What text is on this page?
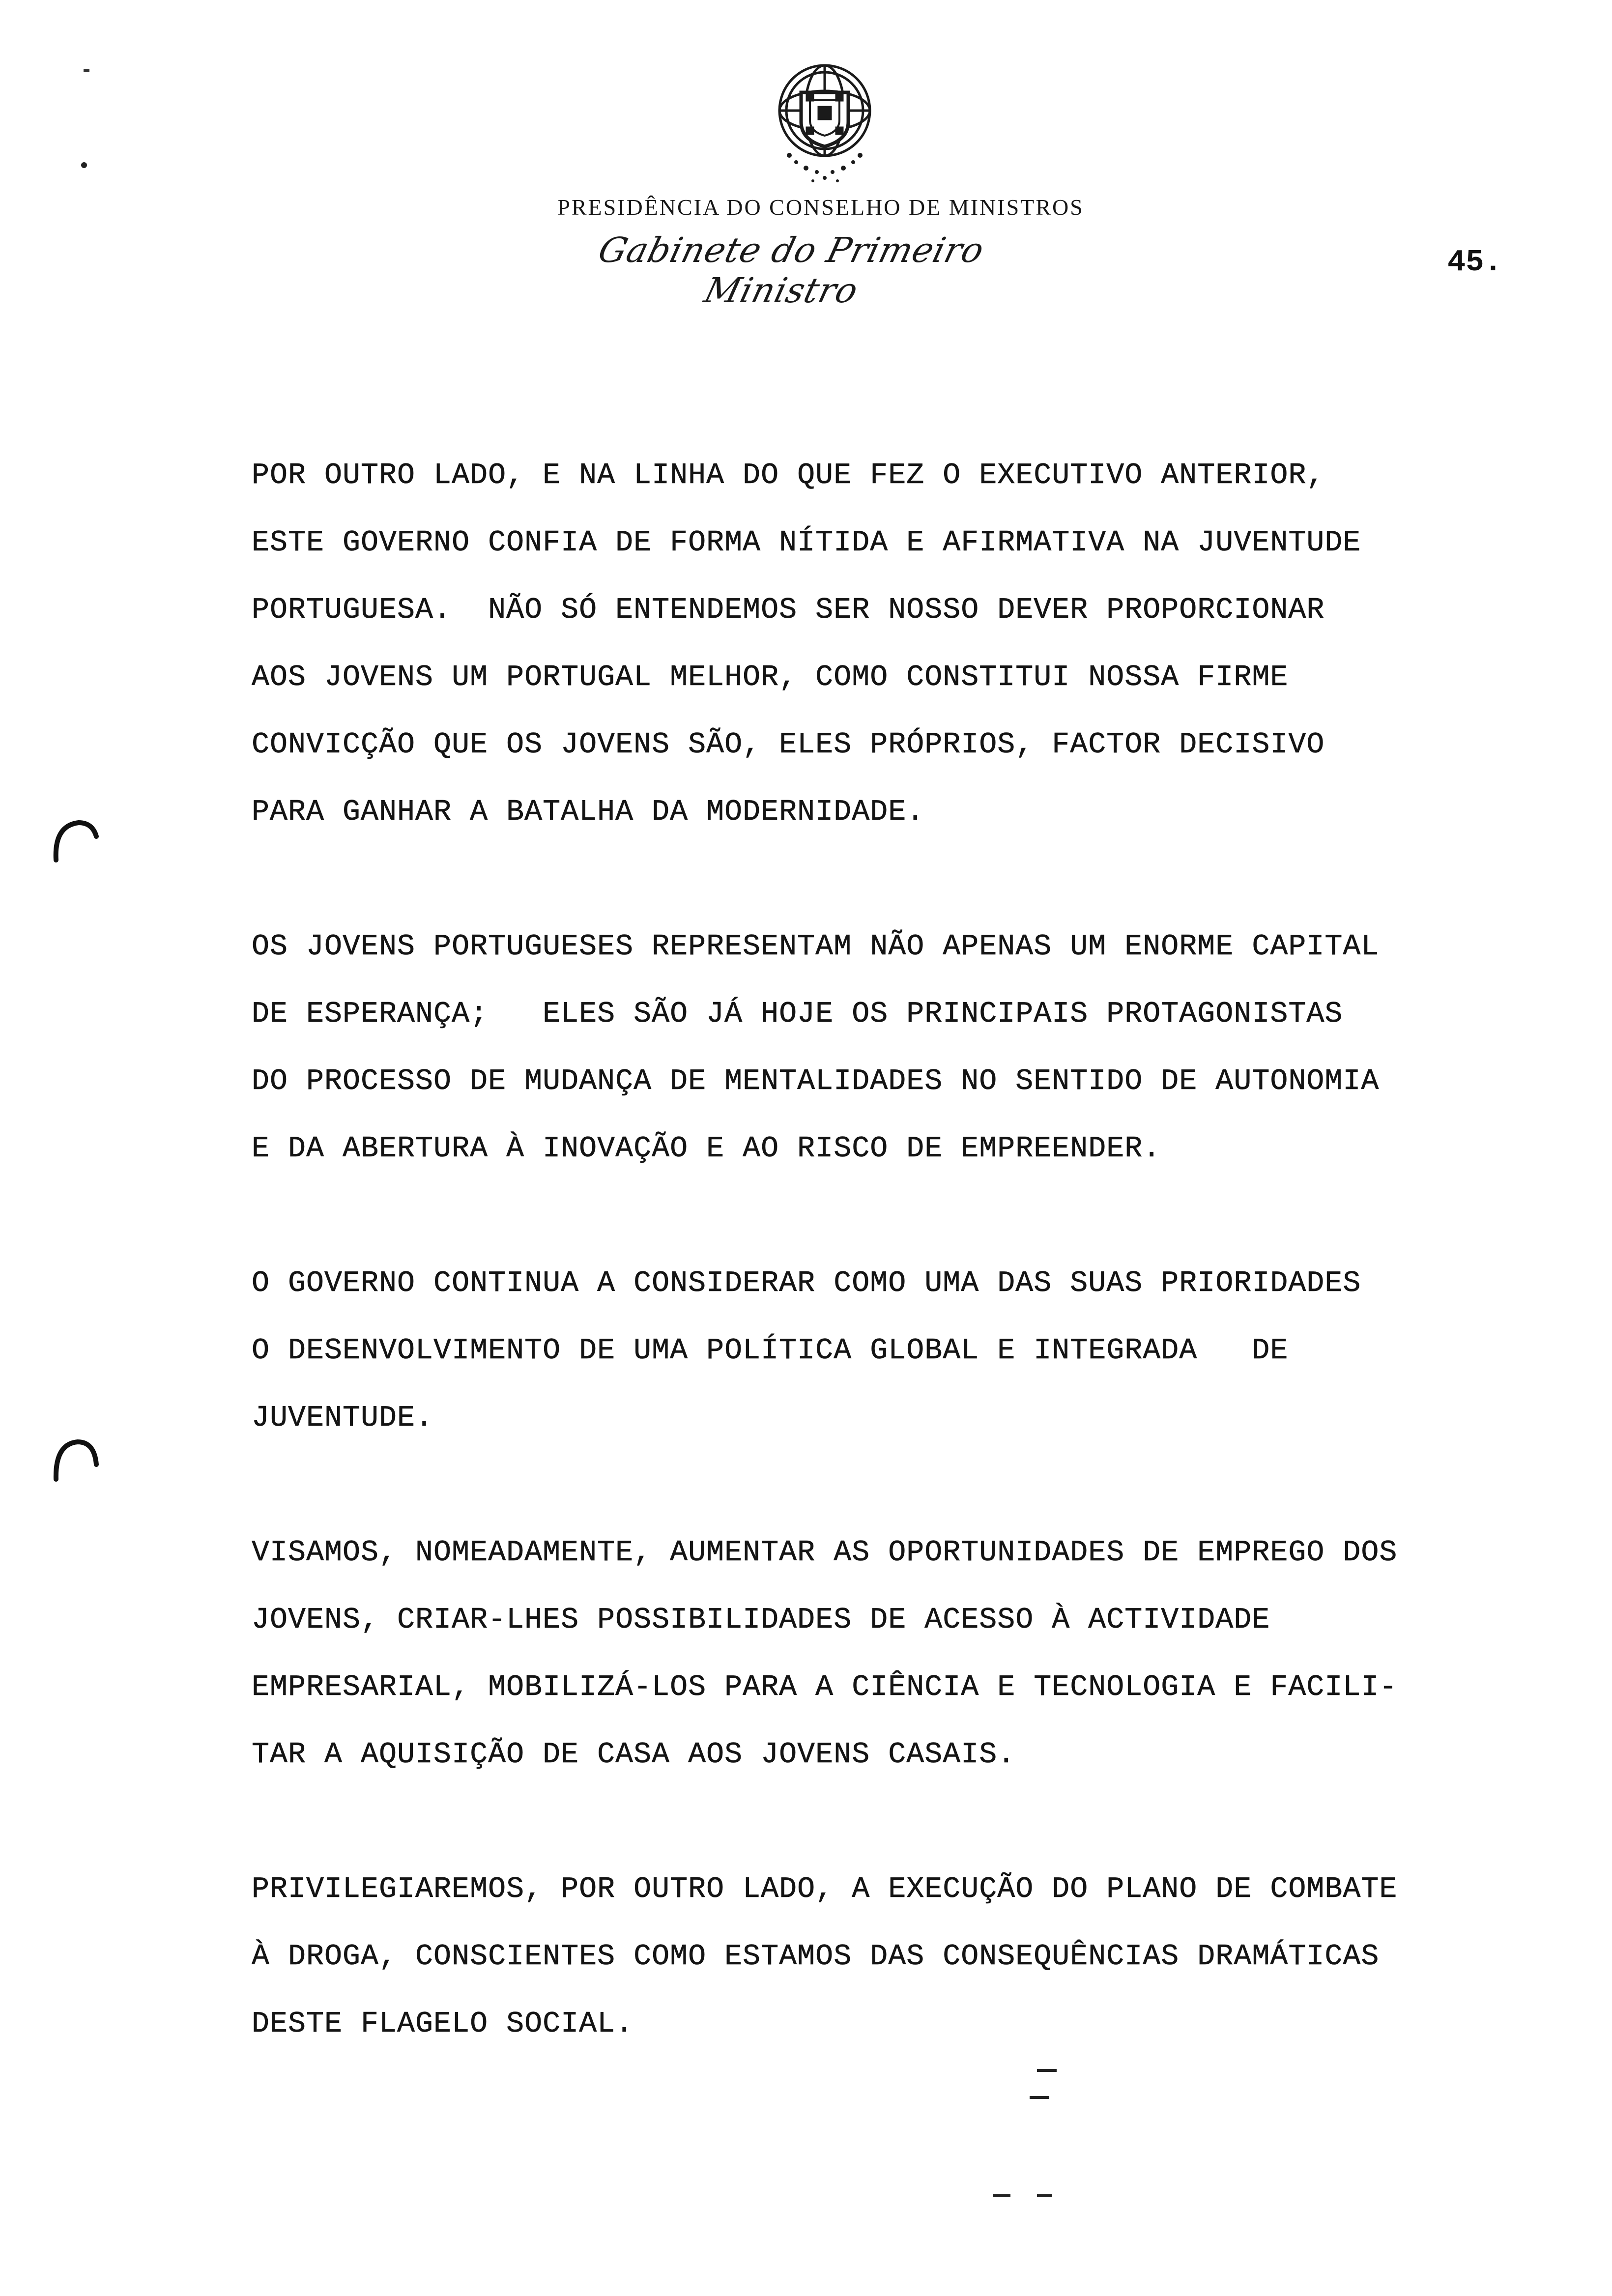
PRESIDÊNCIA DO CONSELHO DE MINISTROS
Gabinete do Primeiro Ministro
45.

POR OUTRO LADO, E NA LINHA DO QUE FEZ O EXECUTIVO ANTERIOR,
ESTE GOVERNO CONFIA DE FORMA NÍTIDA E AFIRMATIVA NA JUVENTUDE
PORTUGUESA.  NÃO SÓ ENTENDEMOS SER NOSSO DEVER PROPORCIONAR
AOS JOVENS UM PORTUGAL MELHOR, COMO CONSTITUI NOSSA FIRME
CONVICÇÃO QUE OS JOVENS SÃO, ELES PRÓPRIOS, FACTOR DECISIVO
PARA GANHAR A BATALHA DA MODERNIDADE.

OS JOVENS PORTUGUESES REPRESENTAM NÃO APENAS UM ENORME CAPITAL
DE ESPERANÇA;   ELES SÃO JÁ HOJE OS PRINCIPAIS PROTAGONISTAS
DO PROCESSO DE MUDANÇA DE MENTALIDADES NO SENTIDO DE AUTONOMIA
E DA ABERTURA À INOVAÇÃO E AO RISCO DE EMPREENDER.

O GOVERNO CONTINUA A CONSIDERAR COMO UMA DAS SUAS PRIORIDADES
O DESENVOLVIMENTO DE UMA POLÍTICA GLOBAL E INTEGRADA   DE
JUVENTUDE.

VISAMOS, NOMEADAMENTE, AUMENTAR AS OPORTUNIDADES DE EMPREGO DOS
JOVENS, CRIAR-LHES POSSIBILIDADES DE ACESSO À ACTIVIDADE
EMPRESARIAL, MOBILIZÁ-LOS PARA A CIÊNCIA E TECNOLOGIA E FACILI-
TAR A AQUISIÇÃO DE CASA AOS JOVENS CASAIS.

PRIVILEGIAREMOS, POR OUTRO LADO, A EXECUÇÃO DO PLANO DE COMBATE
À DROGA, CONSCIENTES COMO ESTAMOS DAS CONSEQUÊNCIAS DRAMÁTICAS
DESTE FLAGELO SOCIAL.
